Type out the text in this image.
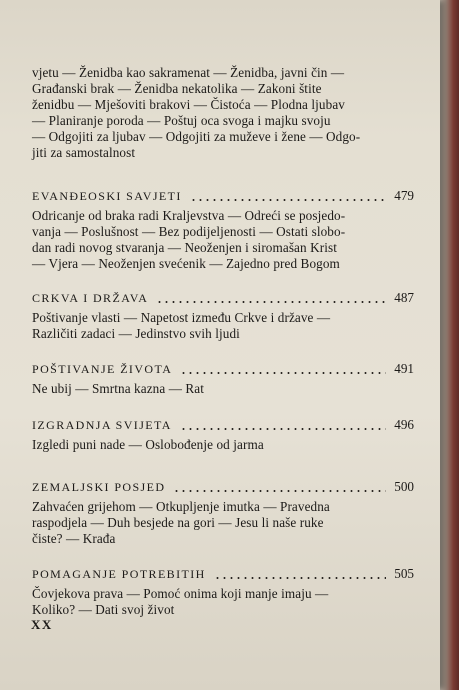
vjetu — Ženidba kao sakramenat — Ženidba, javni čin —
Građanski brak — Ženidba nekatolika — Zakoni štite
ženidbu — Mješoviti brakovi — Čistoća — Plodna ljubav
— Planiranje poroda — Poštuj oca svoga i majku svoju
— Odgojiti za ljubav — Odgojiti za muževe i žene — Odgo-
jiti za samostalnost
EVANĐEOSKI SAVJETI	479
Odricanje od braka radi Kraljevstva — Odreći se posjedo-
vanja — Poslušnost — Bez podijeljenosti — Ostati slobo-
dan radi novog stvaranja — Neoženjen i siromašan Krist
— Vjera — Neoženjen svećenik — Zajedno pred Bogom
CRKVA I DRŽAVA	487
Poštivanje vlasti — Napetost između Crkve i države —
Različiti zadaci — Jedinstvo svih ljudi
POŠTIVANJE ŽIVOTA	491
Ne ubij — Smrtna kazna — Rat
IZGRADNJA SVIJETA	496
Izgledi puni nade — Oslobođenje od jarma
ZEMALJSKI POSJED	500
Zahvaćen grijehom — Otkupljenje imutka — Pravedna
raspodjela — Duh besjede na gori — Jesu li naše ruke
čiste? — Krađa
POMAGANJE POTREBITIH	505
Čovjekova prava — Pomoć onima koji manje imaju —
Koliko? — Dati svoj život
XX
